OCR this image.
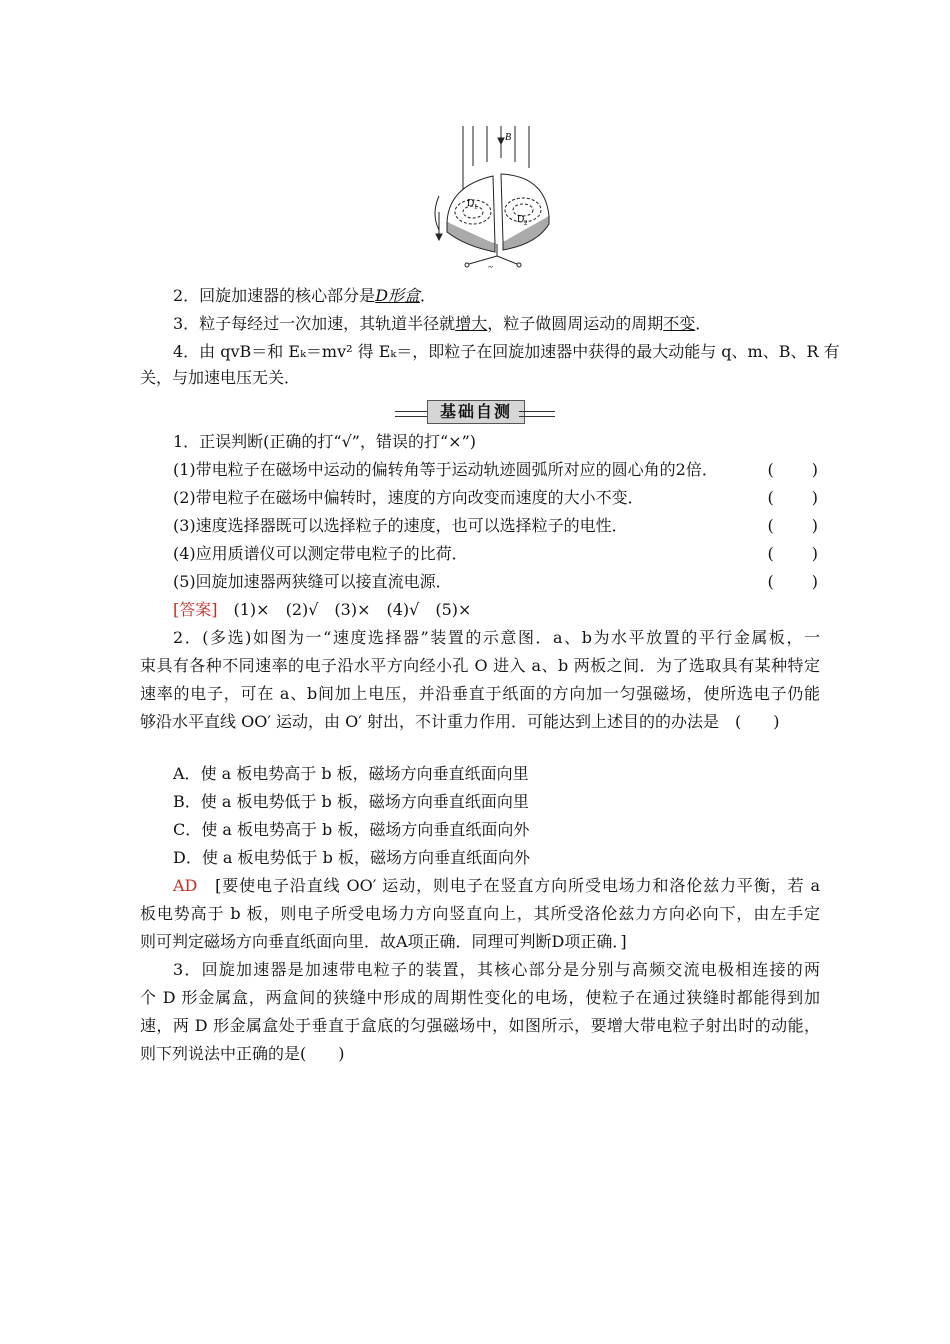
B
D 1
D 2
~
2．回旋加速器的核心部分是D形盒．
3．粒子每经过一次加速，其轨道半径就增大，粒子做圆周运动的周期不变．
4．由 qvB＝和 Eₖ＝mv² 得 Eₖ＝，即粒子在回旋加速器中获得的最大动能与 q、m、B、R 有
关，与加速电压无关．
基础自测
1．正误判断(正确的打“√”，错误的打“×”)
(1)带电粒子在磁场中运动的偏转角等于运动轨迹圆弧所对应的圆心角的2倍．	(　　)
(2)带电粒子在磁场中偏转时，速度的方向改变而速度的大小不变．	(　　)
(3)速度选择器既可以选择粒子的速度，也可以选择粒子的电性．	(　　)
(4)应用质谱仪可以测定带电粒子的比荷．	(　　)
(5)回旋加速器两狭缝可以接直流电源．	(　　)
[答案]　(1)×　(2)√　(3)×　(4)√　(5)×
2．(多选)如图为一“速度选择器”装置的示意图．a、b为水平放置的平行金属板，一
束具有各种不同速率的电子沿水平方向经小孔 O 进入 a、b 两板之间．为了选取具有某种特定
速率的电子，可在 a、b间加上电压，并沿垂直于纸面的方向加一匀强磁场，使所选电子仍能
够沿水平直线 OO′ 运动，由 O′ 射出，不计重力作用．可能达到上述目的的办法是　(　　)
A．使 a 板电势高于 b 板，磁场方向垂直纸面向里
B．使 a 板电势低于 b 板，磁场方向垂直纸面向里
C．使 a 板电势高于 b 板，磁场方向垂直纸面向外
D．使 a 板电势低于 b 板，磁场方向垂直纸面向外
AD　[要使电子沿直线 OO′ 运动，则电子在竖直方向所受电场力和洛伦兹力平衡，若 a
板电势高于 b 板，则电子所受电场力方向竖直向上，其所受洛伦兹力方向必向下，由左手定
则可判定磁场方向垂直纸面向里．故A项正确．同理可判断D项正确．]
3．回旋加速器是加速带电粒子的装置，其核心部分是分别与高频交流电极相连接的两
个 D 形金属盒，两盒间的狭缝中形成的周期性变化的电场，使粒子在通过狭缝时都能得到加
速，两 D 形金属盒处于垂直于盒底的匀强磁场中，如图所示，要增大带电粒子射出时的动能，
则下列说法中正确的是(　　)
